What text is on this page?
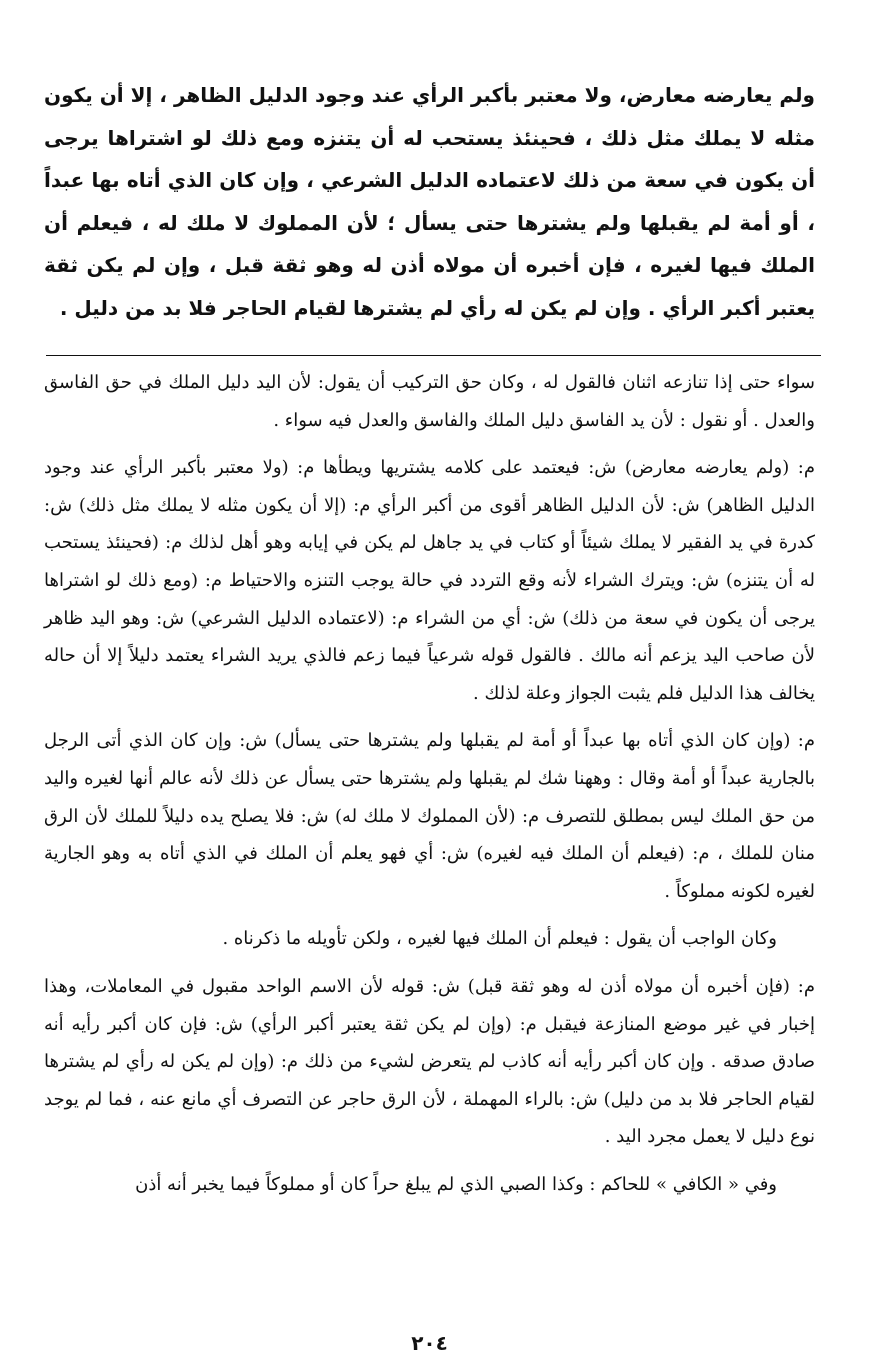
ولم يعارضه معارض، ولا معتبر بأكبر الرأي عند وجود الدليل الظاهر ، إلا أن يكون مثله لا يملك مثل ذلك ، فحينئذ يستحب له أن يتنزه ومع ذلك لو اشتراها يرجى أن يكون في سعة من ذلك لاعتماده الدليل الشرعي ، وإن كان الذي أتاه بها عبداً ، أو أمة لم يقبلها ولم يشترها حتى يسأل ؛ لأن المملوك لا ملك له ، فيعلم أن الملك فيها لغيره ، فإن أخبره أن مولاه أذن له وهو ثقة قبل ، وإن لم يكن ثقة يعتبر أكبر الرأي . وإن لم يكن له رأي لم يشترها لقيام الحاجر فلا بد من دليل .

سواء حتى إذا تنازعه اثنان فالقول له ، وكان حق التركيب أن يقول: لأن اليد دليل الملك في حق الفاسق والعدل . أو نقول : لأن يد الفاسق دليل الملك والفاسق والعدل فيه سواء .

م: (ولم يعارضه معارض) ش: فيعتمد على كلامه يشتريها ويطأها م: (ولا معتبر بأكبر الرأي عند وجود الدليل الظاهر) ش: لأن الدليل الظاهر أقوى من أكبر الرأي م: (إلا أن يكون مثله لا يملك مثل ذلك) ش: كدرة في يد الفقير لا يملك شيئاً أو كتاب في يد جاهل لم يكن في إيابه وهو أهل لذلك م: (فحينئذ يستحب له أن يتنزه) ش: ويترك الشراء لأنه وقع التردد في حالة يوجب التنزه والاحتياط م: (ومع ذلك لو اشتراها يرجى أن يكون في سعة من ذلك) ش: أي من الشراء م: (لاعتماده الدليل الشرعي) ش: وهو اليد ظاهر لأن صاحب اليد يزعم أنه مالك . فالقول قوله شرعياً فيما زعم فالذي يريد الشراء يعتمد دليلاً إلا أن حاله يخالف هذا الدليل فلم يثبت الجواز وعلة لذلك .

م: (وإن كان الذي أتاه بها عبداً أو أمة لم يقبلها ولم يشترها حتى يسأل) ش: وإن كان الذي أتى الرجل بالجارية عبداً أو أمة وقال : وههنا شك لم يقبلها ولم يشترها حتى يسأل عن ذلك لأنه عالم أنها لغيره واليد من حق الملك ليس بمطلق للتصرف م: (لأن المملوك لا ملك له) ش: فلا يصلح يده دليلاً للملك لأن الرق منان للملك ، م: (فيعلم أن الملك فيه لغيره) ش: أي فهو يعلم أن الملك في الذي أتاه به وهو الجارية لغيره لكونه مملوكاً .

وكان الواجب أن يقول : فيعلم أن الملك فيها لغيره ، ولكن تأويله ما ذكرناه .

م: (فإن أخبره أن مولاه أذن له وهو ثقة قبل) ش: قوله لأن الاسم الواحد مقبول في المعاملات، وهذا إخبار في غير موضع المنازعة فيقبل م: (وإن لم يكن ثقة يعتبر أكبر الرأي) ش: فإن كان أكبر رأيه أنه صادق صدقه . وإن كان أكبر رأيه أنه كاذب لم يتعرض لشيء من ذلك م: (وإن لم يكن له رأي لم يشترها لقيام الحاجر فلا بد من دليل) ش: بالراء المهملة ، لأن الرق حاجر عن التصرف أي مانع عنه ، فما لم يوجد نوع دليل لا يعمل مجرد اليد .

وفي « الكافي » للحاكم : وكذا الصبي الذي لم يبلغ حراً كان أو مملوكاً فيما يخبر أنه أذن

٢٠٤
